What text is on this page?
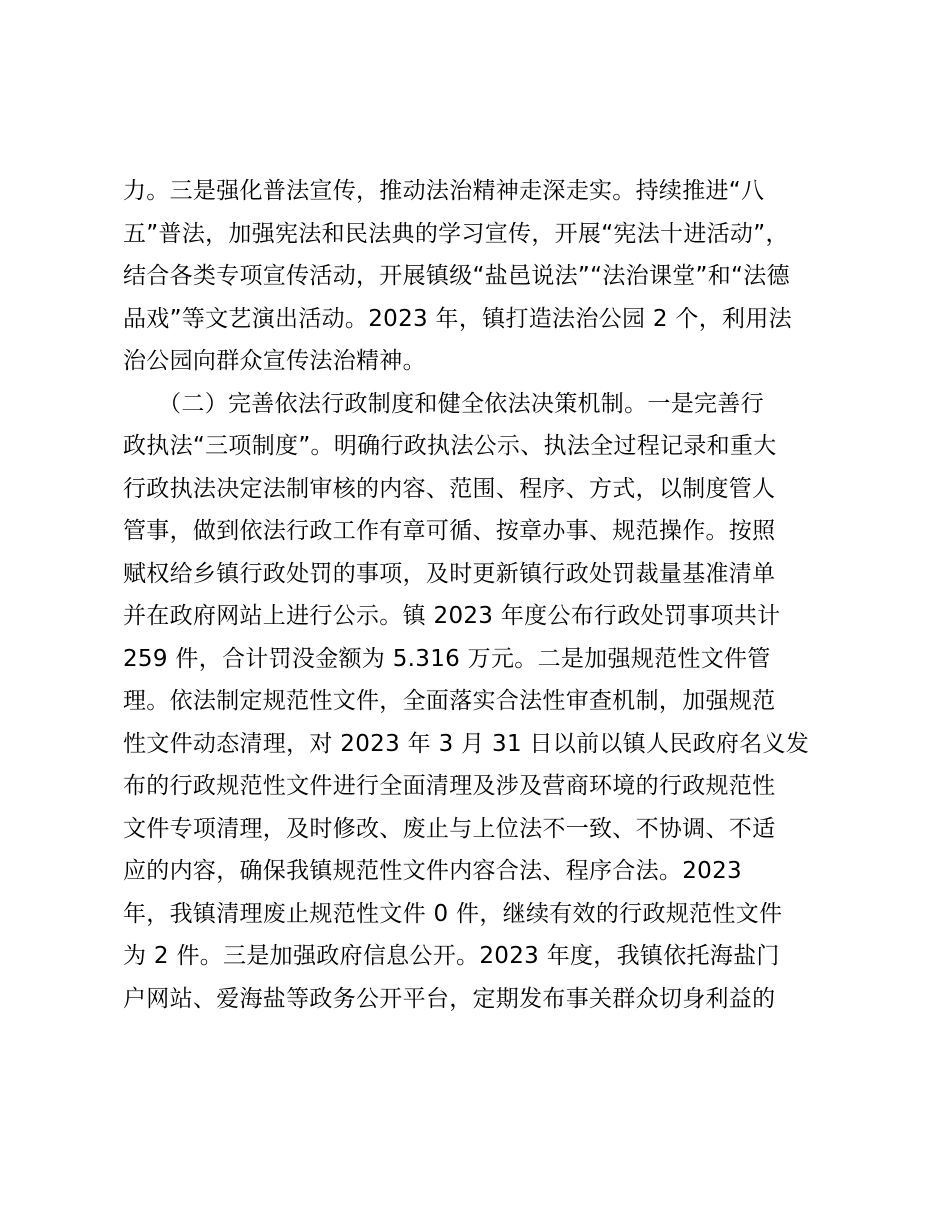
力。三是强化普法宣传，推动法治精神走深走实。持续推进“八
五”普法，加强宪法和民法典的学习宣传，开展“宪法十进活动”，
结合各类专项宣传活动，开展镇级“盐邑说法”“法治课堂”和“法德
品戏”等文艺演出活动。2023 年，镇打造法治公园 2 个，利用法
治公园向群众宣传法治精神。
　　（二）完善依法行政制度和健全依法决策机制。一是完善行
政执法“三项制度”。明确行政执法公示、执法全过程记录和重大
行政执法决定法制审核的内容、范围、程序、方式，以制度管人
管事，做到依法行政工作有章可循、按章办事、规范操作。按照
赋权给乡镇行政处罚的事项，及时更新镇行政处罚裁量基准清单
并在政府网站上进行公示。镇 2023 年度公布行政处罚事项共计
259 件，合计罚没金额为 5.316 万元。二是加强规范性文件管
理。依法制定规范性文件，全面落实合法性审查机制，加强规范
性文件动态清理，对 2023 年 3 月 31 日以前以镇人民政府名义发
布的行政规范性文件进行全面清理及涉及营商环境的行政规范性
文件专项清理，及时修改、废止与上位法不一致、不协调、不适
应的内容，确保我镇规范性文件内容合法、程序合法。2023
年，我镇清理废止规范性文件 0 件，继续有效的行政规范性文件
为 2 件。三是加强政府信息公开。2023 年度，我镇依托海盐门
户网站、爱海盐等政务公开平台，定期发布事关群众切身利益的
